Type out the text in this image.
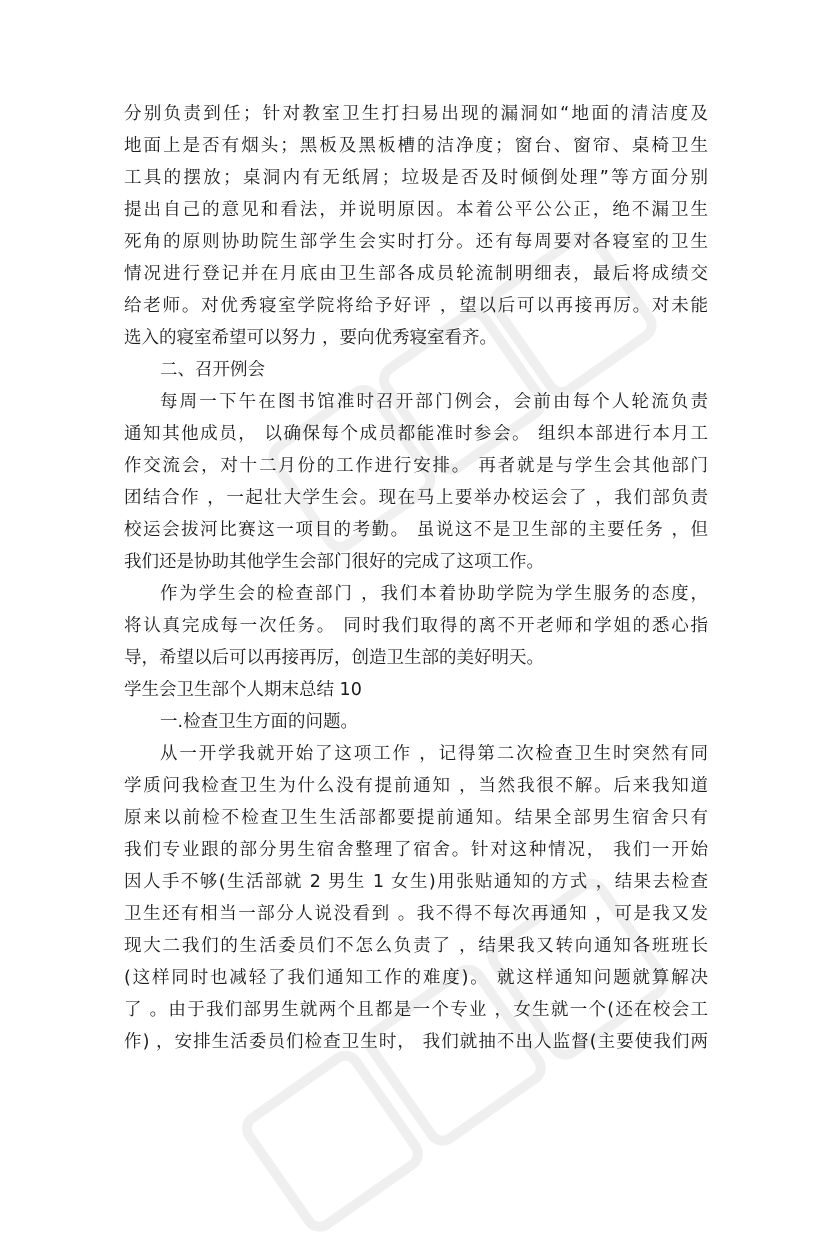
分别负责到任；针对教室卫生打扫易出现的漏洞如“地面的清洁度及
地面上是否有烟头；黑板及黑板槽的洁净度；窗台、窗帘、桌椅卫生
工具的摆放；桌洞内有无纸屑；垃圾是否及时倾倒处理”等方面分别
提出自己的意见和看法，并说明原因。本着公平公公正，绝不漏卫生
死角的原则协助院生部学生会实时打分。还有每周要对各寝室的卫生
情况进行登记并在月底由卫生部各成员轮流制明细表，最后将成绩交
给老师。对优秀寝室学院将给予好评 ，望以后可以再接再厉。对未能
选入的寝室希望可以努力 ，要向优秀寝室看齐。
二、召开例会
每周一下午在图书馆准时召开部门例会，会前由每个人轮流负责
通知其他成员， 以确保每个成员都能准时参会。 组织本部进行本月工
作交流会，对十二月份的工作进行安排。 再者就是与学生会其他部门
团结合作 ，一起壮大学生会。现在马上要举办校运会了 ，我们部负责
校运会拔河比赛这一项目的考勤。 虽说这不是卫生部的主要任务 ，但
我们还是协助其他学生会部门很好的完成了这项工作。
作为学生会的检查部门 ，我们本着协助学院为学生服务的态度，
将认真完成每一次任务。 同时我们取得的离不开老师和学姐的悉心指
导，希望以后可以再接再厉，创造卫生部的美好明天。
学生会卫生部个人期末总结 10
一.检查卫生方面的问题。
从一开学我就开始了这项工作 ，记得第二次检查卫生时突然有同
学质问我检查卫生为什么没有提前通知 ，当然我很不解。后来我知道
原来以前检不检查卫生生活部都要提前通知。结果全部男生宿舍只有
我们专业跟的部分男生宿舍整理了宿舍。针对这种情况， 我们一开始
因人手不够(生活部就 2 男生 1 女生)用张贴通知的方式 ，结果去检查
卫生还有相当一部分人说没看到 。我不得不每次再通知 ，可是我又发
现大二我们的生活委员们不怎么负责了 ，结果我又转向通知各班班长
(这样同时也减轻了我们通知工作的难度)。 就这样通知问题就算解决
了 。由于我们部男生就两个且都是一个专业 ，女生就一个(还在校会工
作) ，安排生活委员们检查卫生时， 我们就抽不出人监督(主要使我们两
